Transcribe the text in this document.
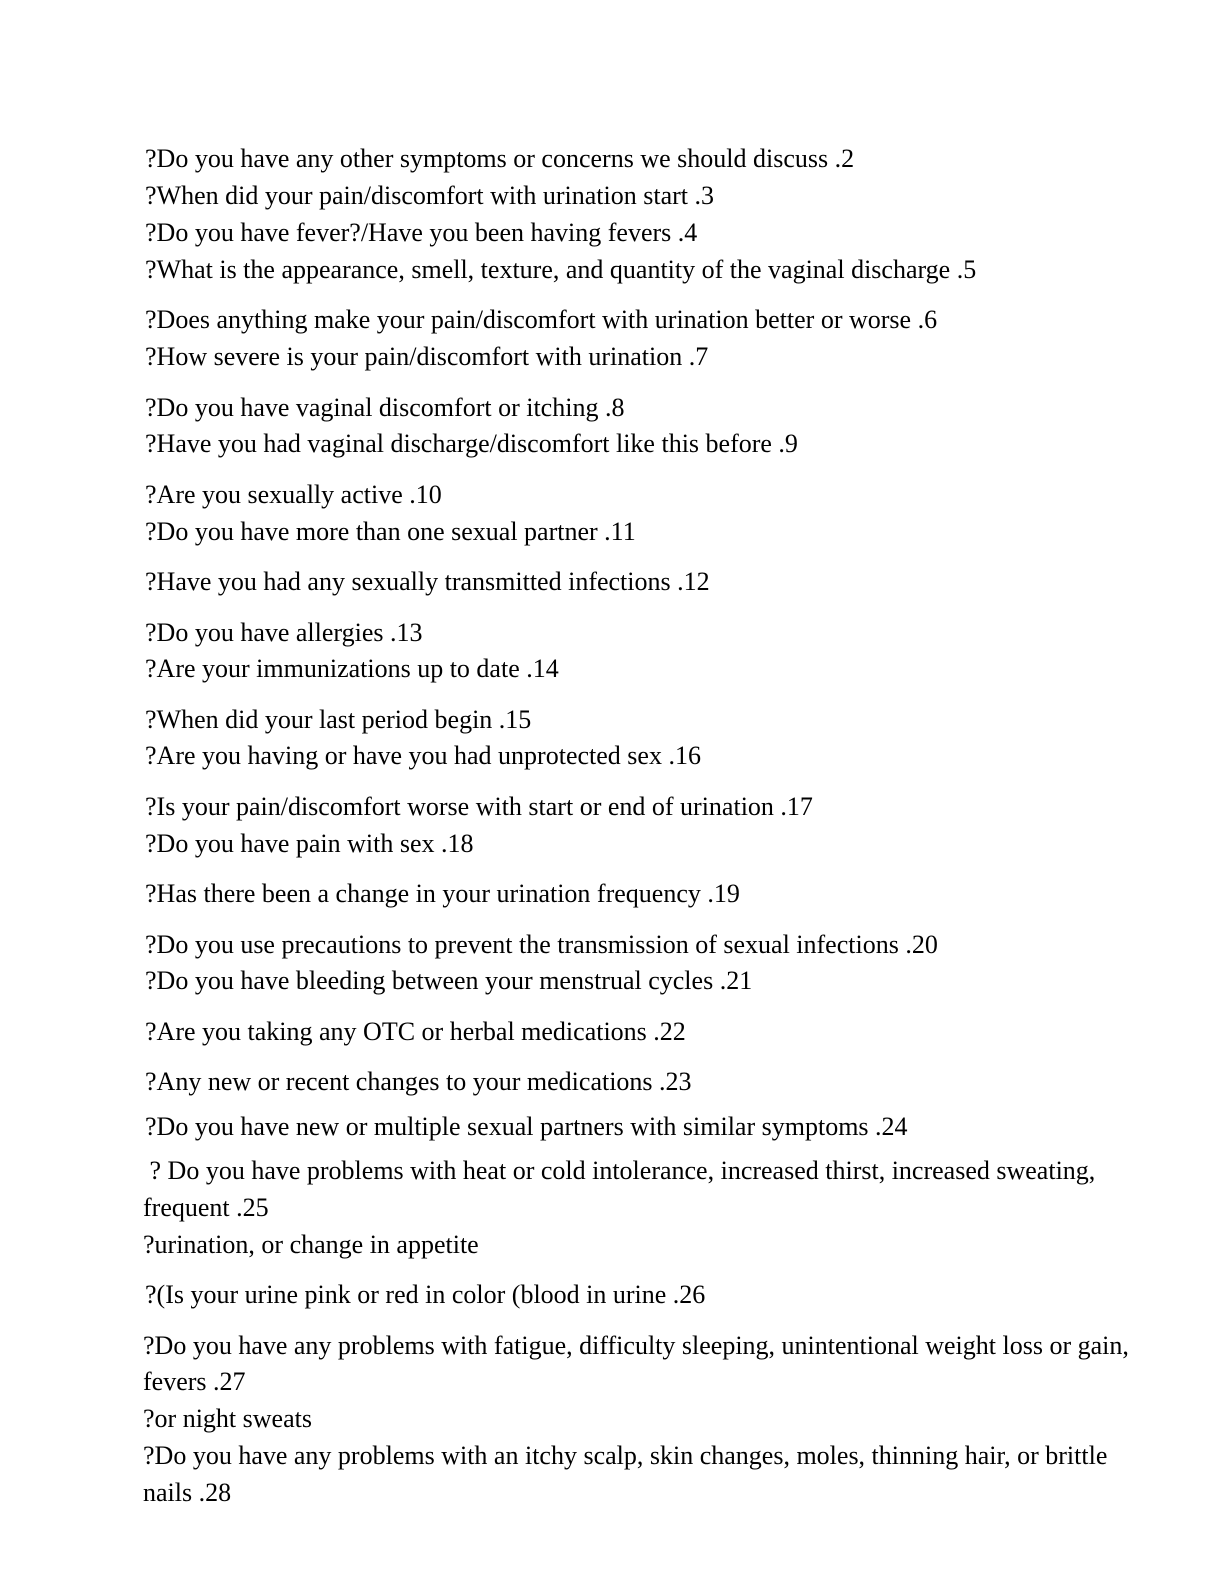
?Do you have any other symptoms or concerns we should discuss .2

?When did your pain/discomfort with urination start .3

?Do you have fever?/Have you been having fevers .4

?What is the appearance, smell, texture, and quantity of the vaginal discharge .5

?Does anything make your pain/discomfort with urination better or worse .6

?How severe is your pain/discomfort with urination .7

?Do you have vaginal discomfort or itching .8

?Have you had vaginal discharge/discomfort like this before .9

?Are you sexually active .10

?Do you have more than one sexual partner .11

?Have you had any sexually transmitted infections .12

?Do you have allergies .13

?Are your immunizations up to date .14

?When did your last period begin .15

?Are you having or have you had unprotected sex .16

?Is your pain/discomfort worse with start or end of urination .17

?Do you have pain with sex .18

?Has there been a change in your urination frequency .19

?Do you use precautions to prevent the transmission of sexual infections .20

?Do you have bleeding between your menstrual cycles .21

?Are you taking any OTC or herbal medications .22

?Any new or recent changes to your medications .23

?Do you have new or multiple sexual partners with similar symptoms .24

? Do you have problems with heat or cold intolerance, increased thirst, increased sweating,

frequent .25

?urination, or change in appetite

?(Is your urine pink or red in color (blood in urine .26

?Do you have any problems with fatigue, difficulty sleeping, unintentional weight loss or gain,

fevers .27

?or night sweats

?Do you have any problems with an itchy scalp, skin changes, moles, thinning hair, or brittle

nails .28
